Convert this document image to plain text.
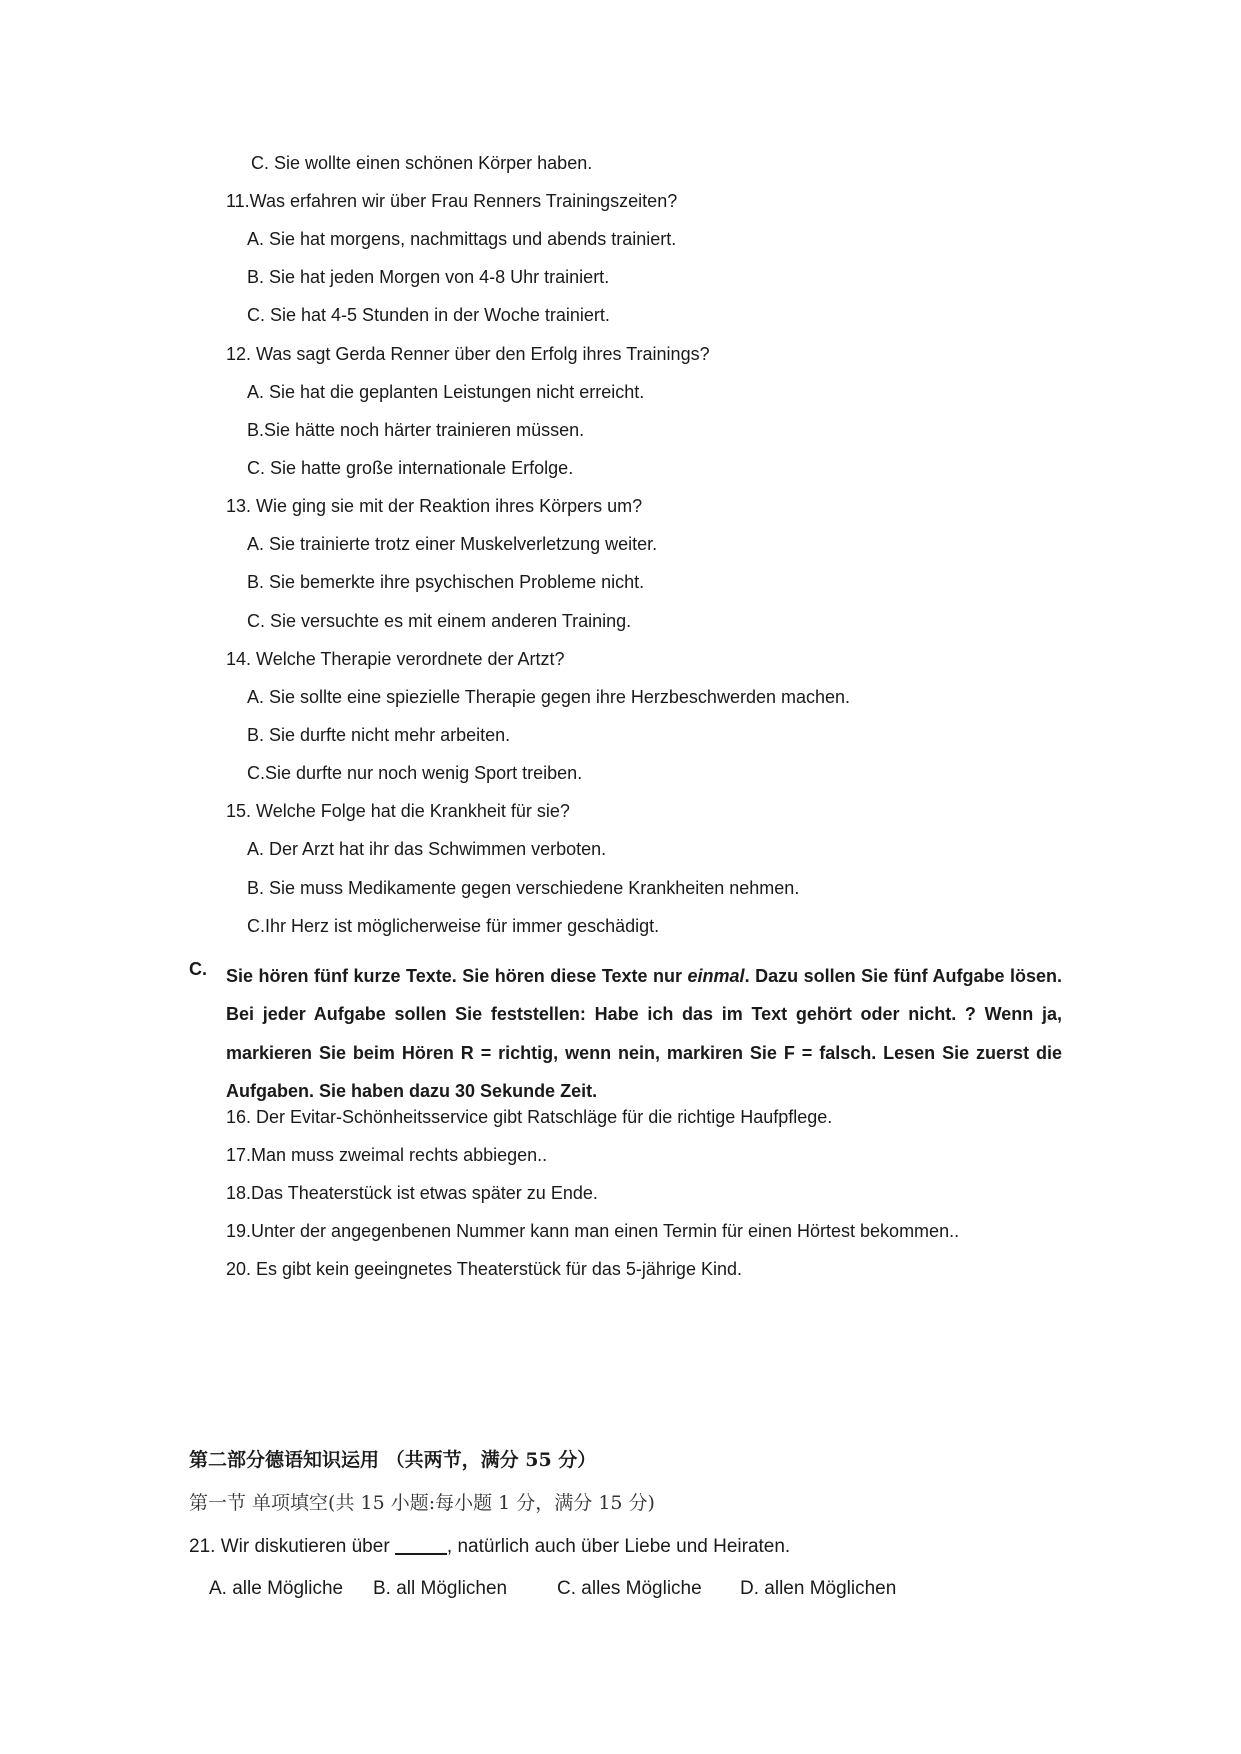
C. Sie wollte einen schönen Körper haben.
11.Was erfahren wir über Frau Renners Trainingszeiten?
A. Sie hat morgens, nachmittags und abends trainiert.
B. Sie hat jeden Morgen von 4-8 Uhr trainiert.
C. Sie hat 4-5 Stunden in der Woche trainiert.
12. Was sagt Gerda Renner über den Erfolg ihres Trainings?
A. Sie hat die geplanten Leistungen nicht erreicht.
B.Sie hätte noch härter trainieren müssen.
C. Sie hatte große internationale Erfolge.
13. Wie ging sie mit der Reaktion ihres Körpers um?
A. Sie trainierte trotz einer Muskelverletzung weiter.
B. Sie bemerkte ihre psychischen Probleme nicht.
C. Sie versuchte es mit einem anderen Training.
14. Welche Therapie verordnete der Artzt?
A. Sie sollte eine spiezielle Therapie gegen ihre Herzbeschwerden machen.
B. Sie durfte nicht mehr arbeiten.
C.Sie durfte nur noch wenig Sport treiben.
15. Welche Folge hat die Krankheit für sie?
A. Der Arzt hat ihr das Schwimmen verboten.
B. Sie muss Medikamente gegen verschiedene Krankheiten nehmen.
C.Ihr Herz ist möglicherweise für immer geschädigt.
C. Sie hören fünf kurze Texte. Sie hören diese Texte nur einmal. Dazu sollen Sie fünf Aufgabe lösen. Bei jeder Aufgabe sollen Sie feststellen: Habe ich das im Text gehört oder nicht. ? Wenn ja, markieren Sie beim Hören R = richtig, wenn nein, markiren Sie F = falsch. Lesen Sie zuerst die Aufgaben. Sie haben dazu 30 Sekunde Zeit.
16. Der Evitar-Schönheitsservice gibt Ratschläge für die richtige Haufpflege.
17.Man muss zweimal rechts abbiegen..
18.Das Theaterstück ist etwas später zu Ende.
19.Unter der angegenbenen Nummer kann man einen Termin für einen Hörtest bekommen..
20. Es gibt kein geeingnetes Theaterstück für das 5-jährige Kind.
第二部分德语知识运用 （共两节，满分 55 分）
第一节 单项填空(共 15 小题:每小题 1 分，满分 15 分)
21. Wir diskutieren über	, natürlich auch über Liebe und Heiraten.
A. alle Mögliche B. all Möglichen	C. alles Mögliche D. allen Möglichen
